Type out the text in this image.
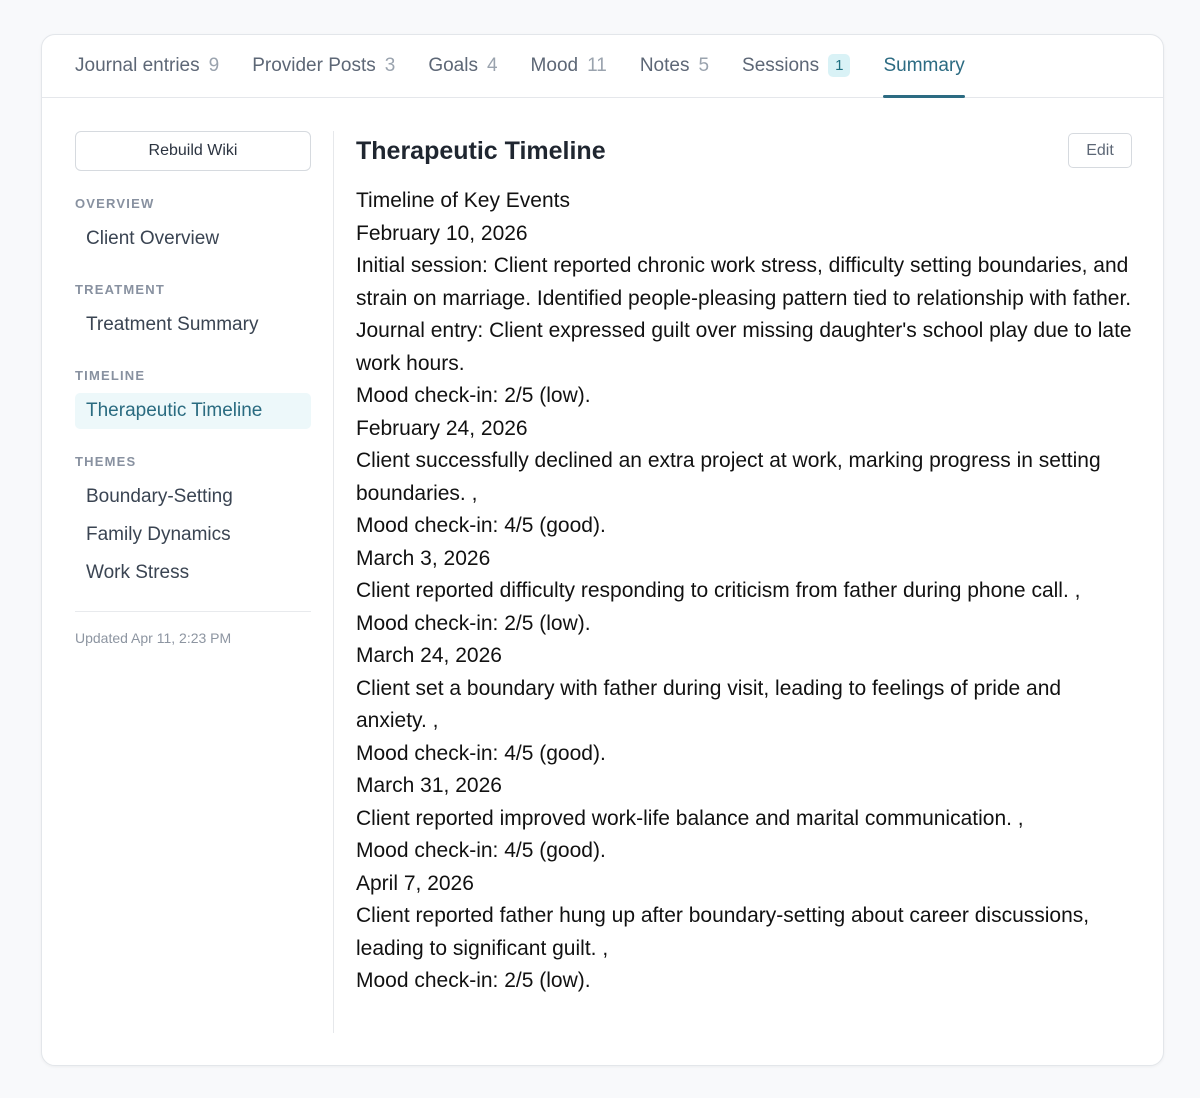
Journal entries 9 Provider Posts 3 Goals 4 Mood 11 Notes 5 Sessions	1	Summary
Rebuild Wiki
OVERVIEW
Client Overview
TREATMENT
Treatment Summary
TIMELINE
Therapeutic Timeline
THEMES
Boundary-Setting
Family Dynamics
Work Stress
Updated Apr 11, 2:23 PM
Therapeutic Timeline	Edit

Timeline of Key Events

February 10, 2026

Initial session: Client reported chronic work stress, difficulty setting boundaries, and strain on marriage. Identified people-pleasing pattern tied to relationship with father.

Journal entry: Client expressed guilt over missing daughter's school play due to late work hours.

Mood check-in: 2/5 (low).

February 24, 2026

Client successfully declined an extra project at work, marking progress in setting boundaries. ,

Mood check-in: 4/5 (good).

March 3, 2026

Client reported difficulty responding to criticism from father during phone call. ,

Mood check-in: 2/5 (low).

March 24, 2026

Client set a boundary with father during visit, leading to feelings of pride and anxiety. ,

Mood check-in: 4/5 (good).

March 31, 2026

Client reported improved work-life balance and marital communication. ,

Mood check-in: 4/5 (good).

April 7, 2026

Client reported father hung up after boundary-setting about career discussions, leading to significant guilt. ,

Mood check-in: 2/5 (low).
